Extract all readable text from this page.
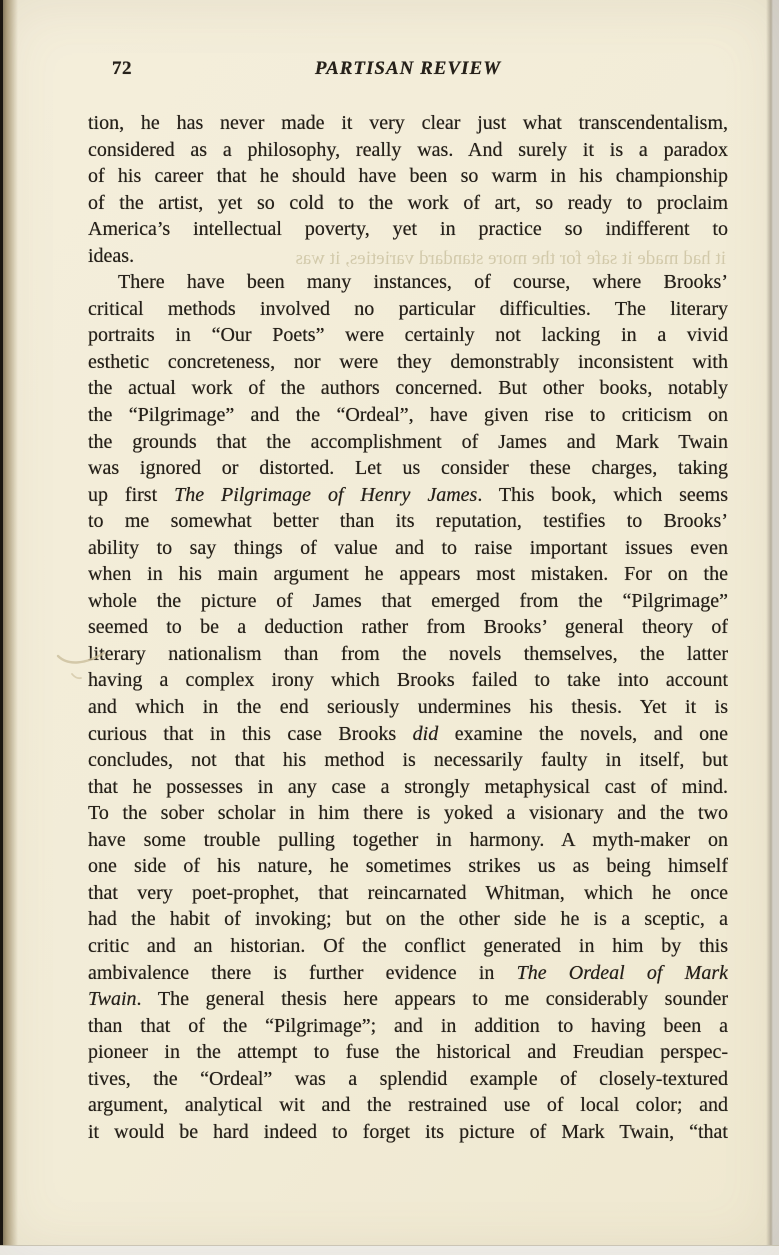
72	PARTISAN REVIEW
it had made it safe for the more standard varieties, it was
tion, he has never made it very clear just what transcendentalism,
considered as a philosophy, really was. And surely it is a paradox
of his career that he should have been so warm in his championship
of the artist, yet so cold to the work of art, so ready to proclaim
America’s intellectual poverty, yet in practice so indifferent to
ideas.
There have been many instances, of course, where Brooks’
critical methods involved no particular difficulties. The literary
portraits in “Our Poets” were certainly not lacking in a vivid
esthetic concreteness, nor were they demonstrably inconsistent with
the actual work of the authors concerned. But other books, notably
the “Pilgrimage” and the “Ordeal”, have given rise to criticism on
the grounds that the accomplishment of James and Mark Twain
was ignored or distorted. Let us consider these charges, taking
up first The Pilgrimage of Henry James. This book, which seems
to me somewhat better than its reputation, testifies to Brooks’
ability to say things of value and to raise important issues even
when in his main argument he appears most mistaken. For on the
whole the picture of James that emerged from the “Pilgrimage”
seemed to be a deduction rather from Brooks’ general theory of
literary nationalism than from the novels themselves, the latter
having a complex irony which Brooks failed to take into account
and which in the end seriously undermines his thesis. Yet it is
curious that in this case Brooks did examine the novels, and one
concludes, not that his method is necessarily faulty in itself, but
that he possesses in any case a strongly metaphysical cast of mind.
To the sober scholar in him there is yoked a visionary and the two
have some trouble pulling together in harmony. A myth-maker on
one side of his nature, he sometimes strikes us as being himself
that very poet-prophet, that reincarnated Whitman, which he once
had the habit of invoking; but on the other side he is a sceptic, a
critic and an historian. Of the conflict generated in him by this
ambivalence there is further evidence in The Ordeal of Mark
Twain. The general thesis here appears to me considerably sounder
than that of the “Pilgrimage”; and in addition to having been a
pioneer in the attempt to fuse the historical and Freudian perspec-
tives, the “Ordeal” was a splendid example of closely-textured
argument, analytical wit and the restrained use of local color; and
it would be hard indeed to forget its picture of Mark Twain, “that
